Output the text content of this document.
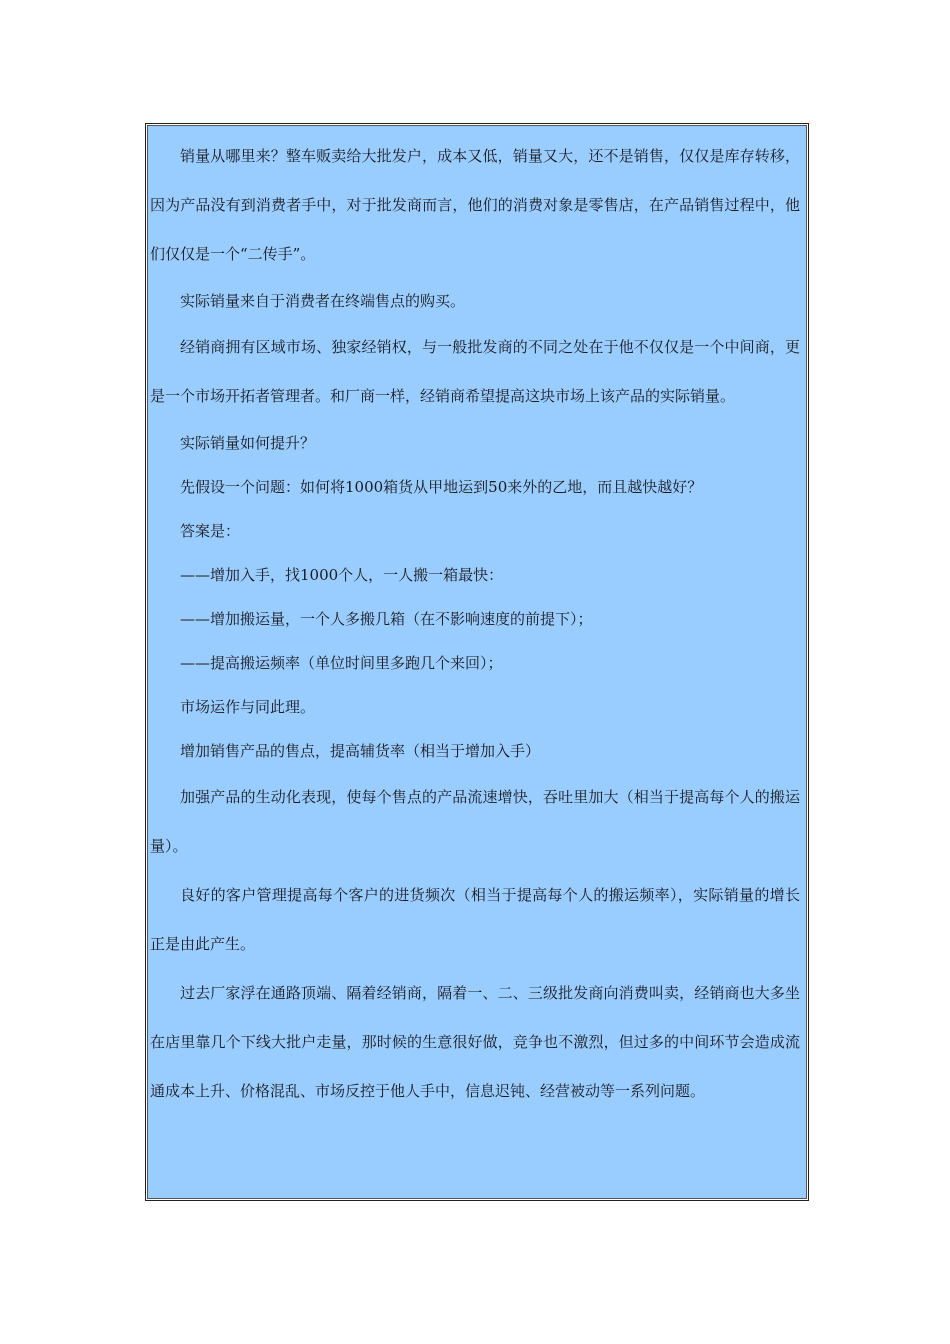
销量从哪里来？整车贩卖给大批发户，成本又低，销量又大，还不是销售，仅仅是库存转移，因为产品没有到消费者手中，对于批发商而言，他们的消费对象是零售店，在产品销售过程中，他们仅仅是一个“二传手”。

实际销量来自于消费者在终端售点的购买。

经销商拥有区域市场、独家经销权，与一般批发商的不同之处在于他不仅仅是一个中间商，更是一个市场开拓者管理者。和厂商一样，经销商希望提高这块市场上该产品的实际销量。

实际销量如何提升？

先假设一个问题：如何将1000箱货从甲地运到50来外的乙地，而且越快越好？

答案是：

——增加入手，找1000个人，一人搬一箱最快：

——增加搬运量，一个人多搬几箱（在不影响速度的前提下）；

——提高搬运频率（单位时间里多跑几个来回）；

市场运作与同此理。

增加销售产品的售点，提高辅货率（相当于增加入手）

加强产品的生动化表现，使每个售点的产品流速增快，吞吐里加大（相当于提高每个人的搬运量）。

良好的客户管理提高每个客户的进货频次（相当于提高每个人的搬运频率），实际销量的增长正是由此产生。

过去厂家浮在通路顶端、隔着经销商，隔着一、二、三级批发商向消费叫卖，经销商也大多坐在店里靠几个下线大批户走量，那时候的生意很好做，竞争也不激烈，但过多的中间环节会造成流通成本上升、价格混乱、市场反控于他人手中，信息迟钝、经营被动等一系列问题。
